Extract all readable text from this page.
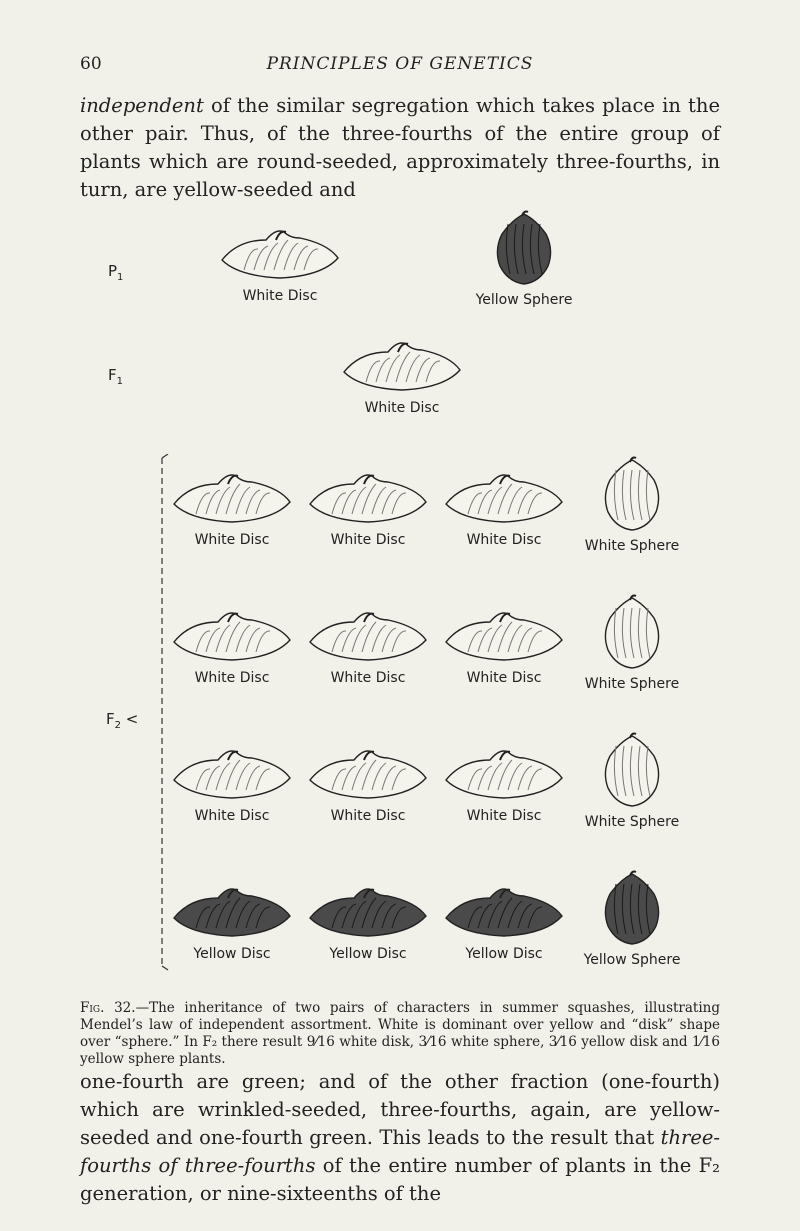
60	PRINCIPLES OF GENETICS

independent of the similar segregation which takes place in the other pair. Thus, of the three-fourths of the entire group of plants which are round-seeded, approximately three-fourths, in turn, are yellow-seeded and

$P_1$
$F_1$
$F_2$ <
White Disc	Yellow Sphere
White Disc
White Disc	White Disc	White Disc	White Sphere
White Disc	White Disc	White Disc	White Sphere
White Disc	White Disc	White Disc	White Sphere
Yellow Disc	Yellow Disc	Yellow Disc	Yellow Sphere

Fig. 32.—The inheritance of two pairs of characters in summer squashes, illustrating Mendel’s law of independent assortment. White is dominant over yellow and “disk” shape over “sphere.” In F₂ there result 9⁄16 white disk, 3⁄16 white sphere, 3⁄16 yellow disk and 1⁄16 yellow sphere plants.

one-fourth are green; and of the other fraction (one-fourth) which are wrinkled-seeded, three-fourths, again, are yellow-seeded and one-fourth green. This leads to the result that three-fourths of three-fourths of the entire number of plants in the F₂ generation, or nine-sixteenths of the
